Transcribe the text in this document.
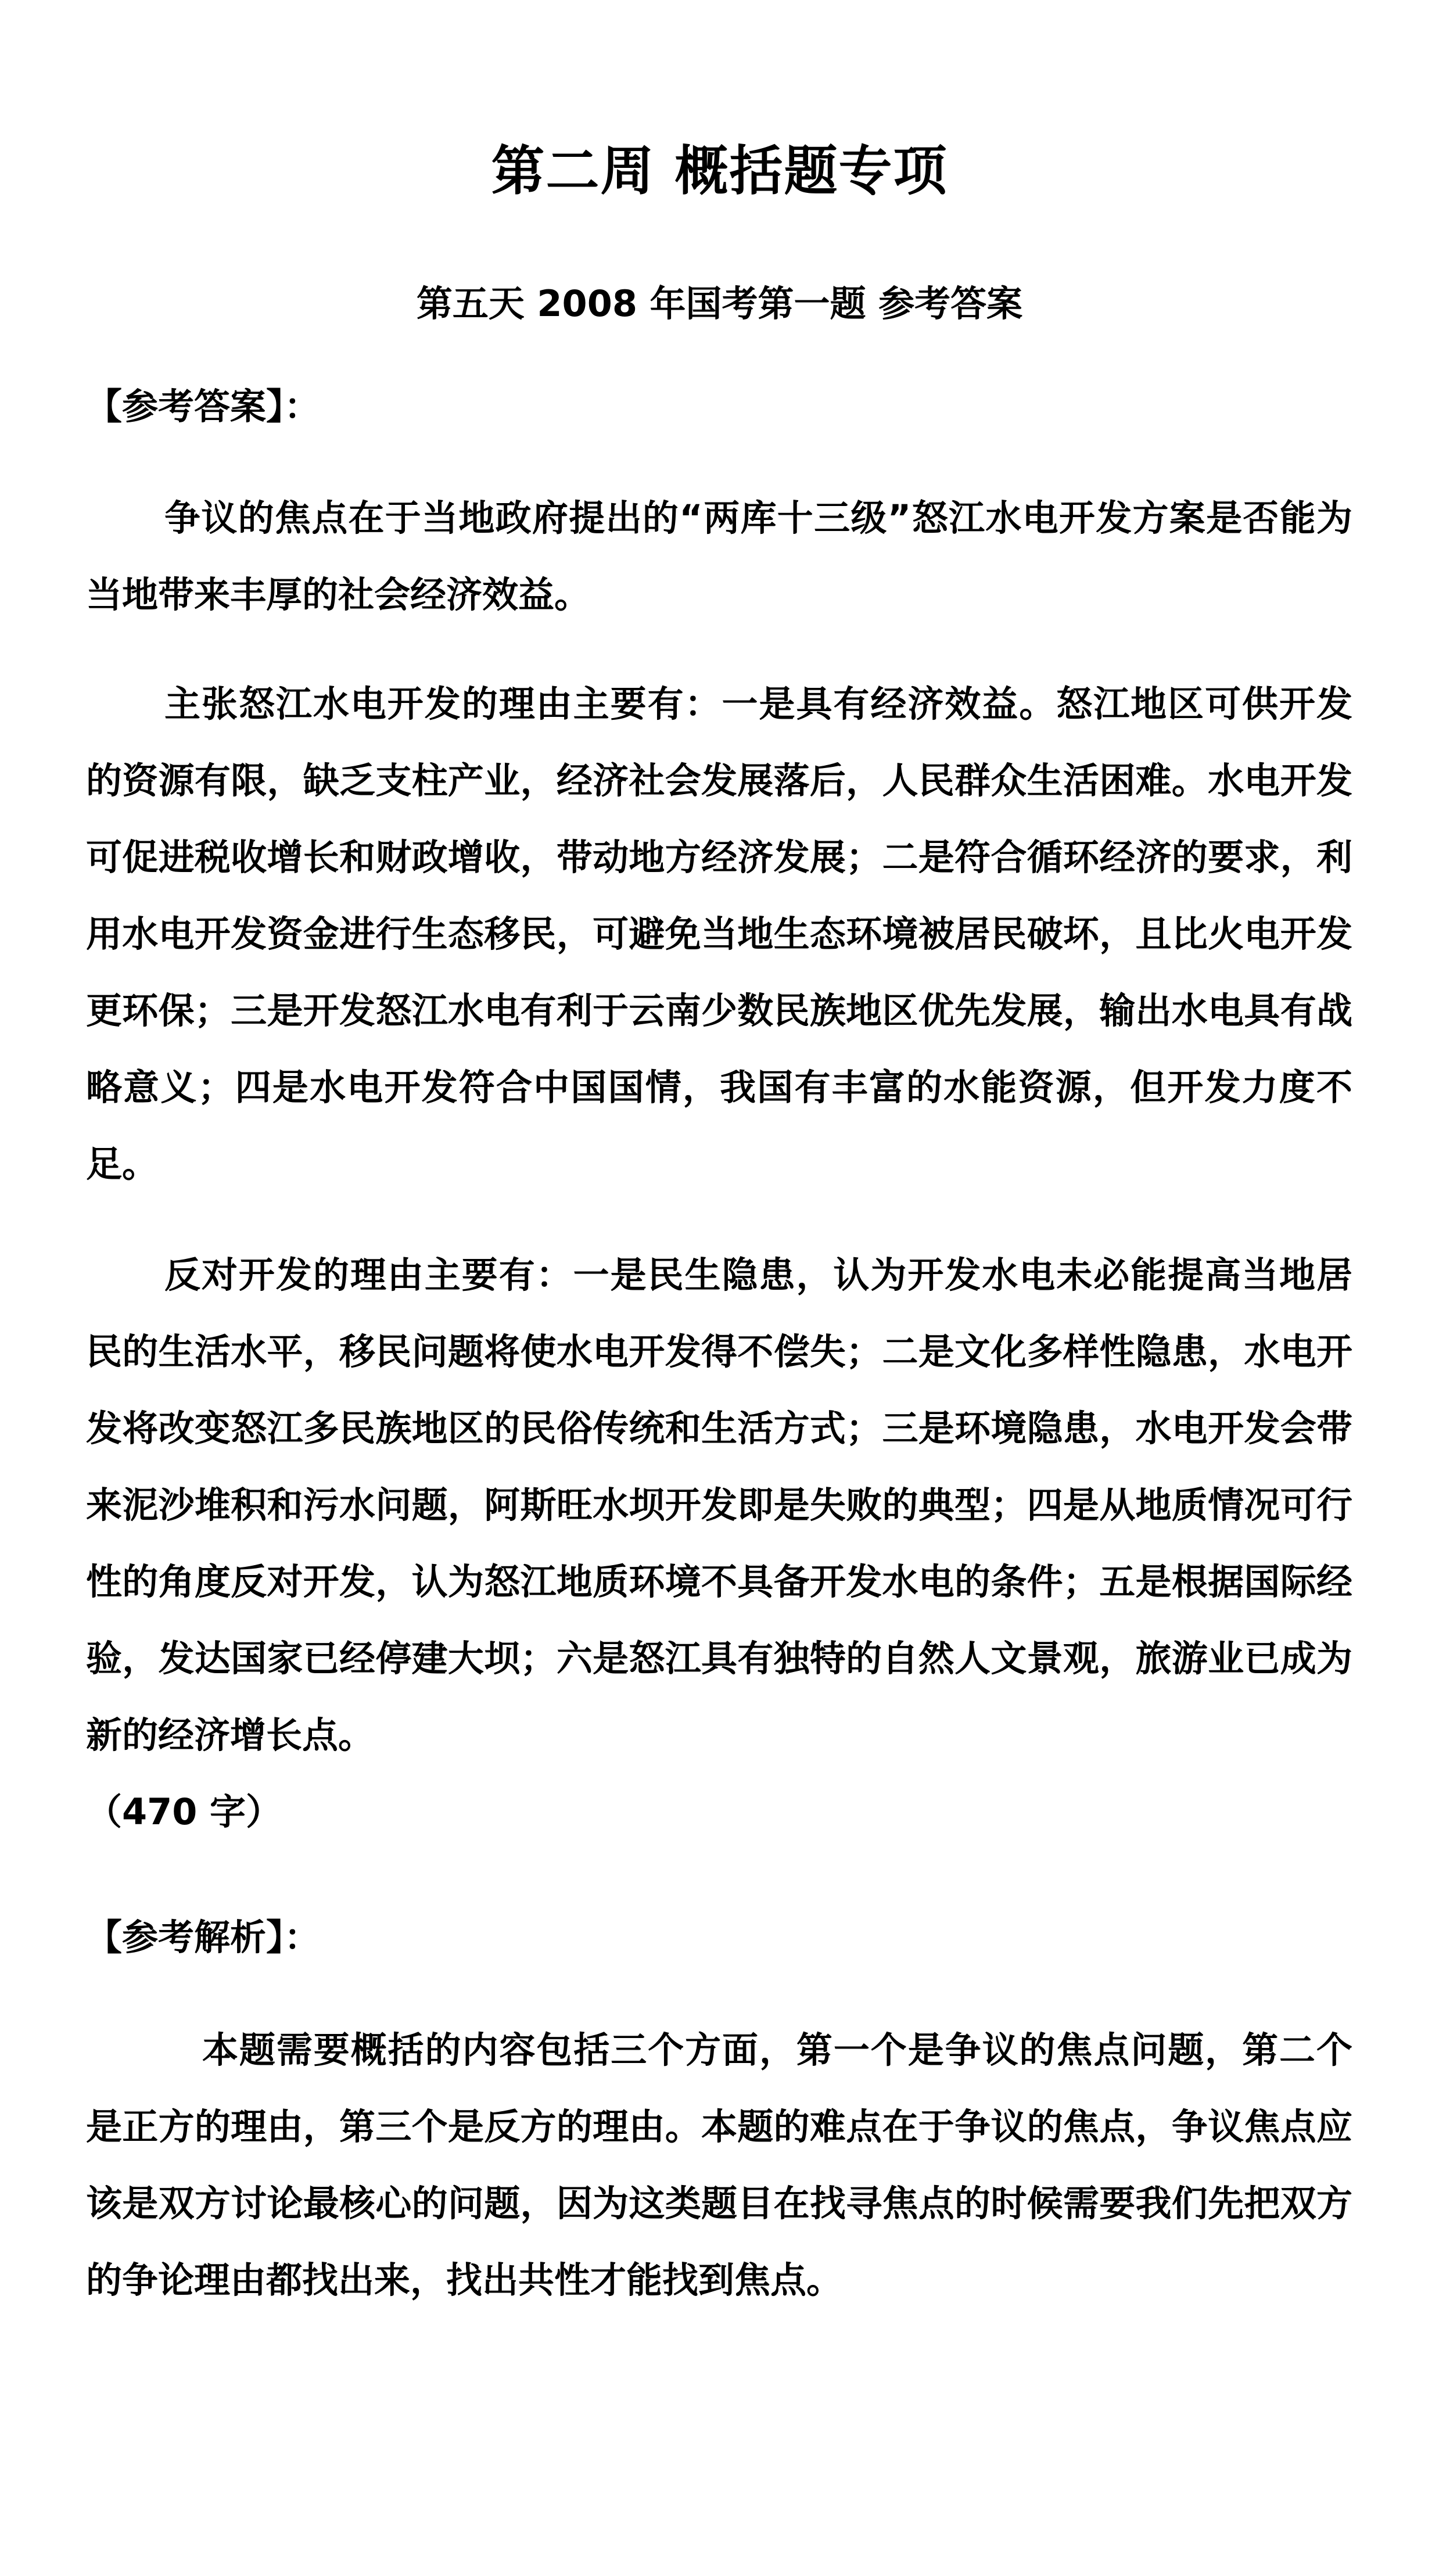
第二周 概括题专项
第五天 2008 年国考第一题 参考答案
【参考答案】：
争议的焦点在于当地政府提出的“两库十三级”怒江水电开发方案是否能为当地带来丰厚的社会经济效益。
主张怒江水电开发的理由主要有：一是具有经济效益。怒江地区可供开发的资源有限，缺乏支柱产业，经济社会发展落后，人民群众生活困难。水电开发可促进税收增长和财政增收，带动地方经济发展；二是符合循环经济的要求，利用水电开发资金进行生态移民，可避免当地生态环境被居民破坏，且比火电开发更环保；三是开发怒江水电有利于云南少数民族地区优先发展，输出水电具有战略意义；四是水电开发符合中国国情，我国有丰富的水能资源，但开发力度不足。
反对开发的理由主要有：一是民生隐患，认为开发水电未必能提高当地居民的生活水平，移民问题将使水电开发得不偿失；二是文化多样性隐患，水电开发将改变怒江多民族地区的民俗传统和生活方式；三是环境隐患，水电开发会带来泥沙堆积和污水问题，阿斯旺水坝开发即是失败的典型；四是从地质情况可行性的角度反对开发，认为怒江地质环境不具备开发水电的条件；五是根据国际经验，发达国家已经停建大坝；六是怒江具有独特的自然人文景观，旅游业已成为新的经济增长点。
（470 字）
【参考解析】：
本题需要概括的内容包括三个方面，第一个是争议的焦点问题，第二个是正方的理由，第三个是反方的理由。本题的难点在于争议的焦点，争议焦点应该是双方讨论最核心的问题，因为这类题目在找寻焦点的时候需要我们先把双方的争论理由都找出来，找出共性才能找到焦点。
